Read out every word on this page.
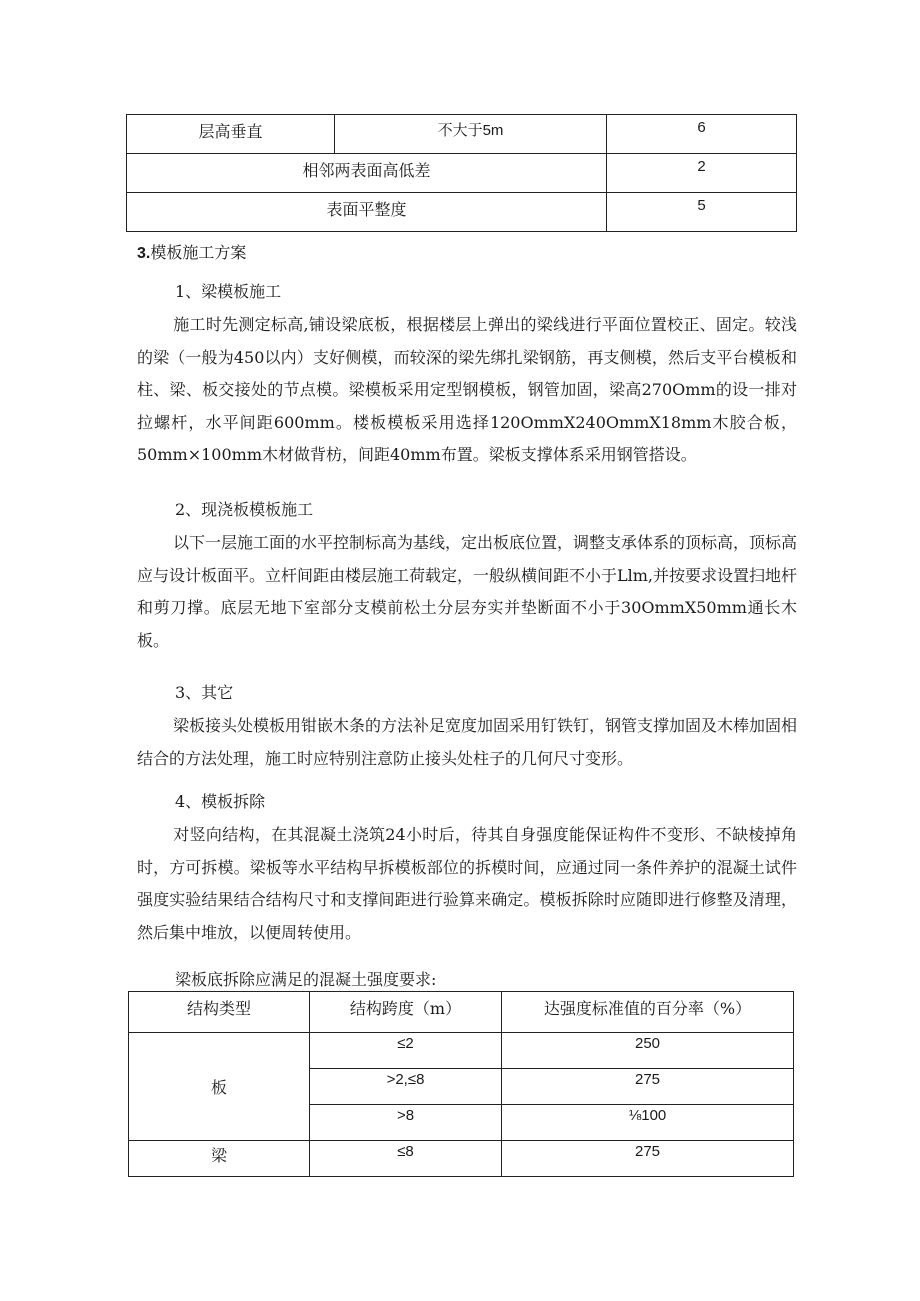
层高垂直	不大于5m	6
相邻两表面高低差		2
表面平整度		5
3.模板施工方案
1、梁模板施工
施工时先测定标高,铺设梁底板，根据楼层上弹出的梁线进行平面位置校正、固定。较浅的梁（一般为450以内）支好侧模，而较深的梁先绑扎梁钢筋，再支侧模，然后支平台模板和柱、梁、板交接处的节点模。梁模板采用定型钢模板，钢管加固，梁高270Omm的设一排对拉螺杆，水平间距600mm。楼板模板采用选择120OmmX240OmmX18mm木胶合板，50mm×100mm木材做背枋，间距40mm布置。梁板支撑体系采用钢管搭设。
2、现浇板模板施工
以下一层施工面的水平控制标高为基线，定出板底位置，调整支承体系的顶标高，顶标高应与设计板面平。立杆间距由楼层施工荷载定，一般纵横间距不小于Llm,并按要求设置扫地杆和剪刀撑。底层无地下室部分支模前松土分层夯实并垫断面不小于30OmmX50mm通长木板。
3、其它
梁板接头处模板用钳嵌木条的方法补足宽度加固采用钉铁钉，钢管支撑加固及木棒加固相结合的方法处理，施工时应特别注意防止接头处柱子的几何尺寸变形。
4、模板拆除
对竖向结构，在其混凝土浇筑24小时后，待其自身强度能保证构件不变形、不缺棱掉角时，方可拆模。梁板等水平结构早拆模板部位的拆模时间，应通过同一条件养护的混凝土试件强度实验结果结合结构尺寸和支撑间距进行验算来确定。模板拆除时应随即进行修整及清理，然后集中堆放，以便周转使用。
梁板底拆除应满足的混凝土强度要求:
结构类型	结构跨度（m）	达强度标准值的百分率（%）
板	≤2	250
	>2,≤8	275
	>8	⅛100
梁	≤8	275
